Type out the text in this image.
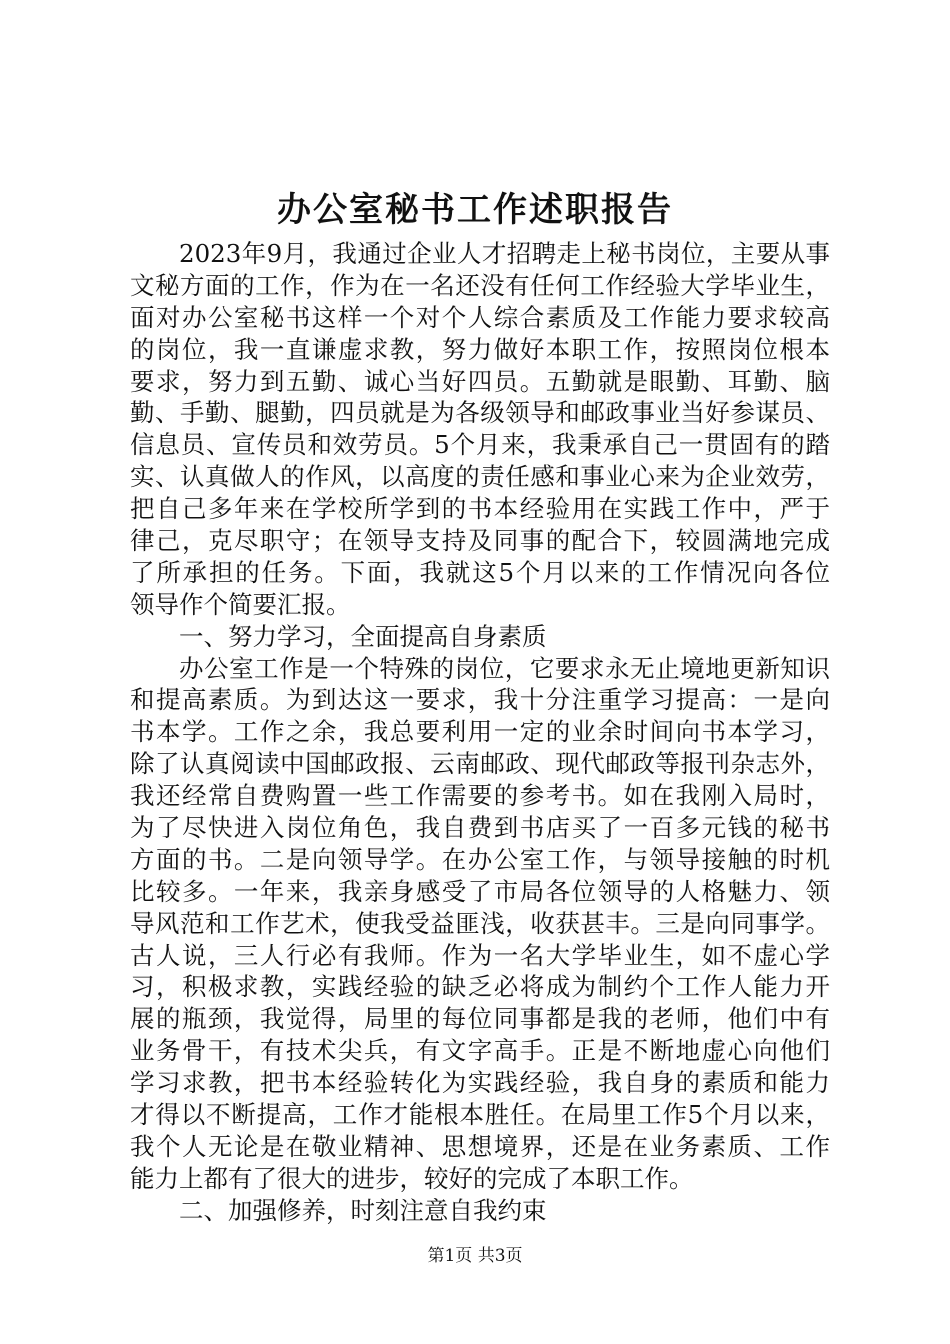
办公室秘书工作述职报告
2023年9月，我通过企业人才招聘走上秘书岗位，主要从事
文秘方面的工作，作为在一名还没有任何工作经验大学毕业生，
面对办公室秘书这样一个对个人综合素质及工作能力要求较高
的岗位，我一直谦虚求教，努力做好本职工作，按照岗位根本
要求，努力到五勤、诚心当好四员。五勤就是眼勤、耳勤、脑
勤、手勤、腿勤，四员就是为各级领导和邮政事业当好参谋员、
信息员、宣传员和效劳员。5个月来，我秉承自己一贯固有的踏
实、认真做人的作风，以高度的责任感和事业心来为企业效劳，
把自己多年来在学校所学到的书本经验用在实践工作中，严于
律己，克尽职守；在领导支持及同事的配合下，较圆满地完成
了所承担的任务。下面，我就这5个月以来的工作情况向各位
领导作个简要汇报。
一、努力学习，全面提高自身素质
办公室工作是一个特殊的岗位，它要求永无止境地更新知识
和提高素质。为到达这一要求，我十分注重学习提高：一是向
书本学。工作之余，我总要利用一定的业余时间向书本学习，
除了认真阅读中国邮政报、云南邮政、现代邮政等报刊杂志外，
我还经常自费购置一些工作需要的参考书。如在我刚入局时，
为了尽快进入岗位角色，我自费到书店买了一百多元钱的秘书
方面的书。二是向领导学。在办公室工作，与领导接触的时机
比较多。一年来，我亲身感受了市局各位领导的人格魅力、领
导风范和工作艺术，使我受益匪浅，收获甚丰。三是向同事学。
古人说，三人行必有我师。作为一名大学毕业生，如不虚心学
习，积极求教，实践经验的缺乏必将成为制约个工作人能力开
展的瓶颈，我觉得，局里的每位同事都是我的老师，他们中有
业务骨干，有技术尖兵，有文字高手。正是不断地虚心向他们
学习求教，把书本经验转化为实践经验，我自身的素质和能力
才得以不断提高，工作才能根本胜任。在局里工作5个月以来，
我个人无论是在敬业精神、思想境界，还是在业务素质、工作
能力上都有了很大的进步，较好的完成了本职工作。
二、加强修养，时刻注意自我约束
第1页 共3页
